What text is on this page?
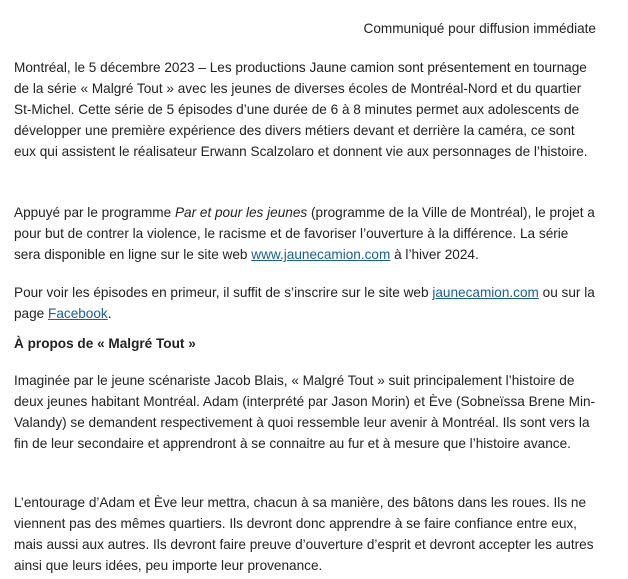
Communiqué pour diffusion immédiate

Montréal, le 5 décembre 2023 – Les productions Jaune camion sont présentement en tournage de la série « Malgré Tout » avec les jeunes de diverses écoles de Montréal-Nord et du quartier St-Michel. Cette série de 5 épisodes d’une durée de 6 à 8 minutes permet aux adolescents de développer une première expérience des divers métiers devant et derrière la caméra, ce sont eux qui assistent le réalisateur Erwann Scalzolaro et donnent vie aux personnages de l’histoire.

Appuyé par le programme Par et pour les jeunes (programme de la Ville de Montréal), le projet a pour but de contrer la violence, le racisme et de favoriser l’ouverture à la différence. La série sera disponible en ligne sur le site web www.jaunecamion.com à l’hiver 2024.

Pour voir les épisodes en primeur, il suffit de s’inscrire sur le site web jaunecamion.com ou sur la page Facebook.

À propos de « Malgré Tout »

Imaginée par le jeune scénariste Jacob Blais, « Malgré Tout » suit principalement l’histoire de deux jeunes habitant Montréal. Adam (interprété par Jason Morin) et Ève (Sobneïssa Brene Min-Valandy) se demandent respectivement à quoi ressemble leur avenir à Montréal. Ils sont vers la fin de leur secondaire et apprendront à se connaitre au fur et à mesure que l’histoire avance.

L’entourage d’Adam et Ève leur mettra, chacun à sa manière, des bâtons dans les roues. Ils ne viennent pas des mêmes quartiers. Ils devront donc apprendre à se faire confiance entre eux, mais aussi aux autres. Ils devront faire preuve d’ouverture d’esprit et devront accepter les autres ainsi que leurs idées, peu importe leur provenance.
